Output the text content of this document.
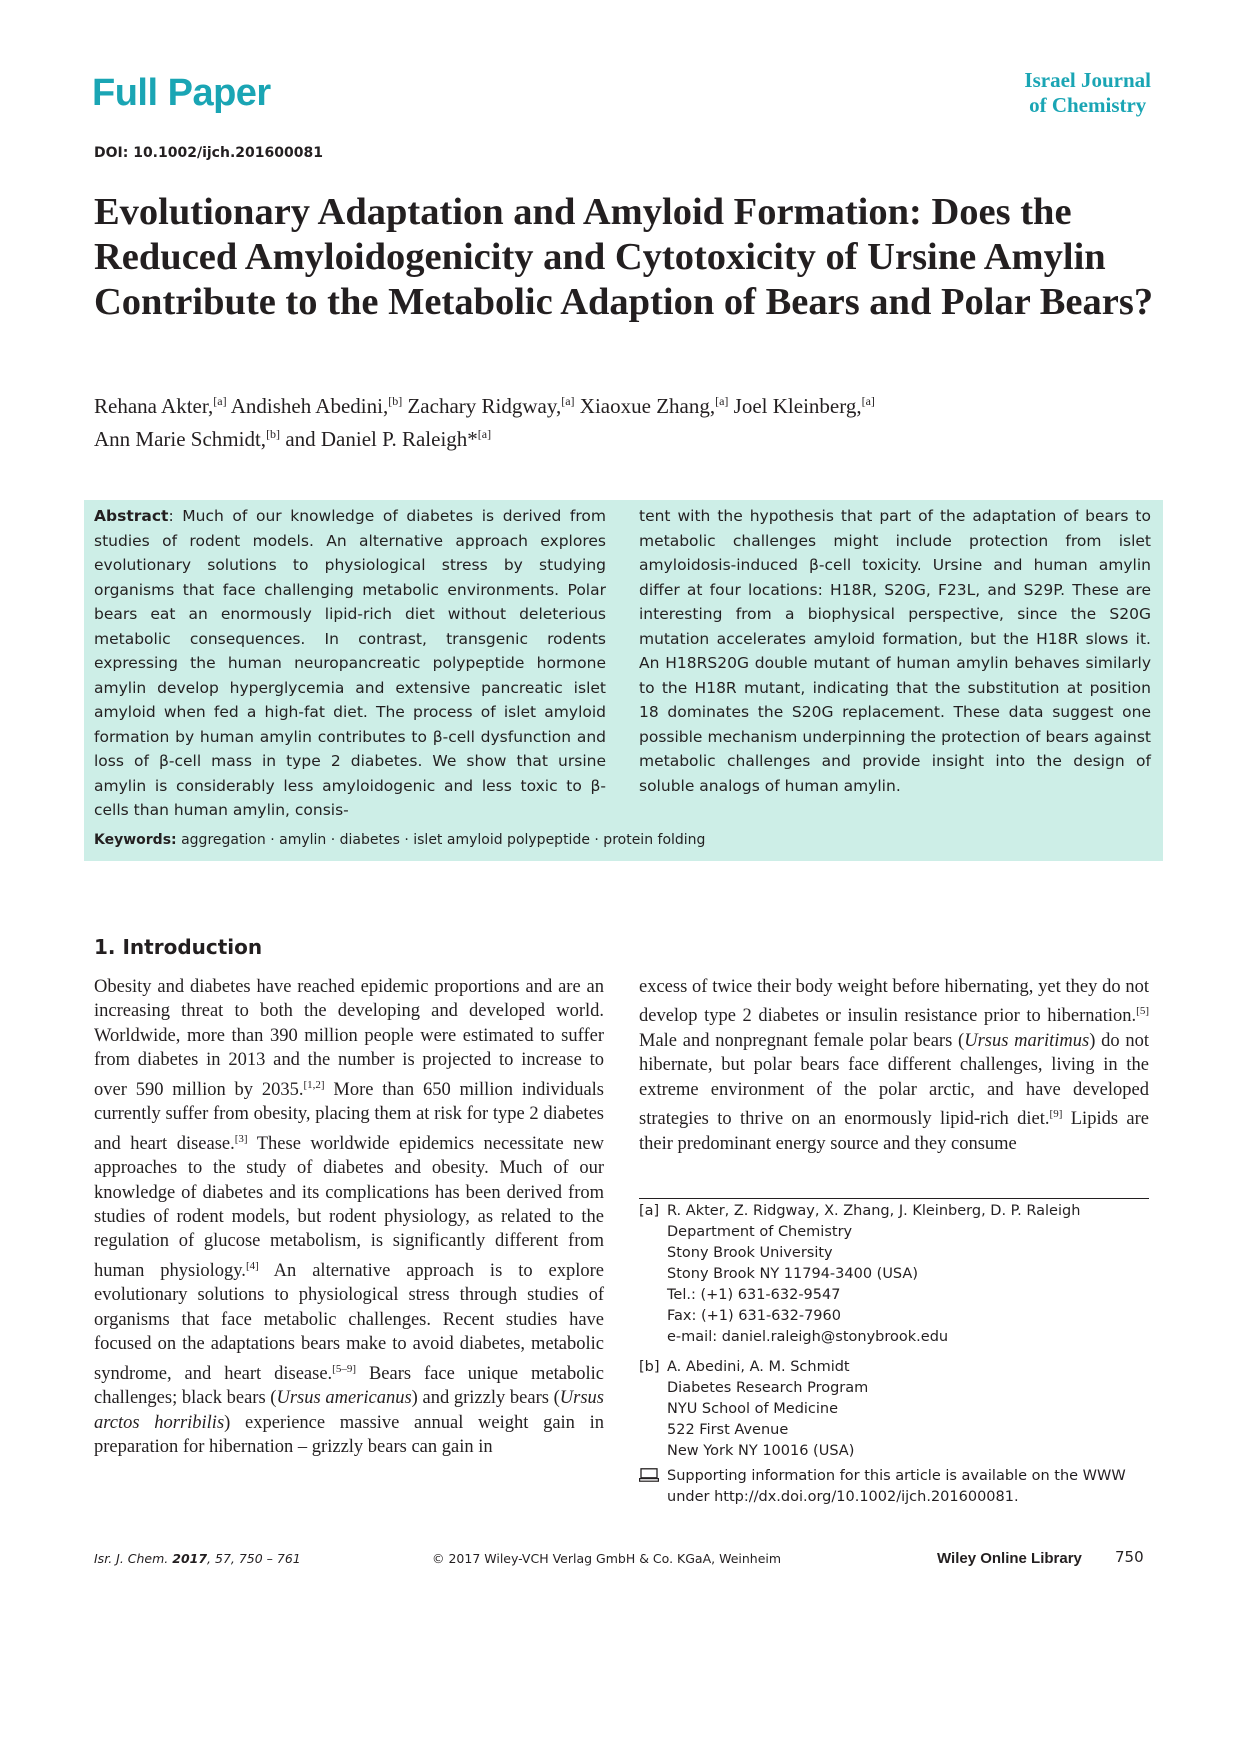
Full Paper	Israel Journal
of Chemistry
DOI: 10.1002/ijch.201600081
Evolutionary Adaptation and Amyloid Formation: Does the Reduced Amyloidogenicity and Cytotoxicity of Ursine Amylin Contribute to the Metabolic Adaption of Bears and Polar Bears?
Rehana Akter,[a] Andisheh Abedini,[b] Zachary Ridgway,[a] Xiaoxue Zhang,[a] Joel Kleinberg,[a]
Ann Marie Schmidt,[b] and Daniel P. Raleigh*[a]
Abstract: Much of our knowledge of diabetes is derived from studies of rodent models. An alternative approach explores evolutionary solutions to physiological stress by studying organisms that face challenging metabolic environments. Polar bears eat an enormously lipid-rich diet without deleterious metabolic consequences. In contrast, transgenic rodents expressing the human neuropancreatic polypeptide hormone amylin develop hyperglycemia and extensive pancreatic islet amyloid when fed a high-fat diet. The process of islet amyloid formation by human amylin contributes to β-cell dysfunction and loss of β-cell mass in type 2 diabetes. We show that ursine amylin is considerably less amyloidogenic and less toxic to β-cells than human amylin, consis-
tent with the hypothesis that part of the adaptation of bears to metabolic challenges might include protection from islet amyloidosis-induced β-cell toxicity. Ursine and human amylin differ at four locations: H18R, S20G, F23L, and S29P. These are interesting from a biophysical perspective, since the S20G mutation accelerates amyloid formation, but the H18R slows it. An H18RS20G double mutant of human amylin behaves similarly to the H18R mutant, indicating that the substitution at position 18 dominates the S20G replacement. These data suggest one possible mechanism underpinning the protection of bears against metabolic challenges and provide insight into the design of soluble analogs of human amylin.
Keywords: aggregation · amylin · diabetes · islet amyloid polypeptide · protein folding
1. Introduction

Obesity and diabetes have reached epidemic proportions and are an increasing threat to both the developing and developed world. Worldwide, more than 390 million people were estimated to suffer from diabetes in 2013 and the number is projected to increase to over 590 million by 2035.[1,2] More than 650 million individuals currently suffer from obesity, placing them at risk for type 2 diabetes and heart disease.[3] These worldwide epidemics necessitate new approaches to the study of diabetes and obesity. Much of our knowledge of diabetes and its complications has been derived from studies of rodent models, but rodent physiology, as related to the regulation of glucose metabolism, is significantly different from human physiology.[4] An alternative approach is to explore evolutionary solutions to physiological stress through studies of organisms that face metabolic challenges. Recent studies have focused on the adaptations bears make to avoid diabetes, metabolic syndrome, and heart disease.[5–9] Bears face unique metabolic challenges; black bears (Ursus americanus) and grizzly bears (Ursus arctos horribilis) experience massive annual weight gain in preparation for hibernation – grizzly bears can gain in

excess of twice their body weight before hibernating, yet they do not develop type 2 diabetes or insulin resistance prior to hibernation.[5] Male and nonpregnant female polar bears (Ursus maritimus) do not hibernate, but polar bears face different challenges, living in the extreme environment of the polar arctic, and have developed strategies to thrive on an enormously lipid-rich diet.[9] Lipids are their predominant energy source and they consume

[a] R. Akter, Z. Ridgway, X. Zhang, J. Kleinberg, D. P. Raleigh
Department of Chemistry
Stony Brook University
Stony Brook NY 11794-3400 (USA)
Tel.: (+1) 631-632-9547
Fax: (+1) 631-632-7960
e-mail: daniel.raleigh@stonybrook.edu
[b] A. Abedini, A. M. Schmidt
Diabetes Research Program
NYU School of Medicine
522 First Avenue
New York NY 10016 (USA)
Supporting information for this article is available on the WWW
under http://dx.doi.org/10.1002/ijch.201600081.
Isr. J. Chem. 2017, 57, 750 – 761	© 2017 Wiley-VCH Verlag GmbH & Co. KGaA, Weinheim	Wiley Online Library 750
